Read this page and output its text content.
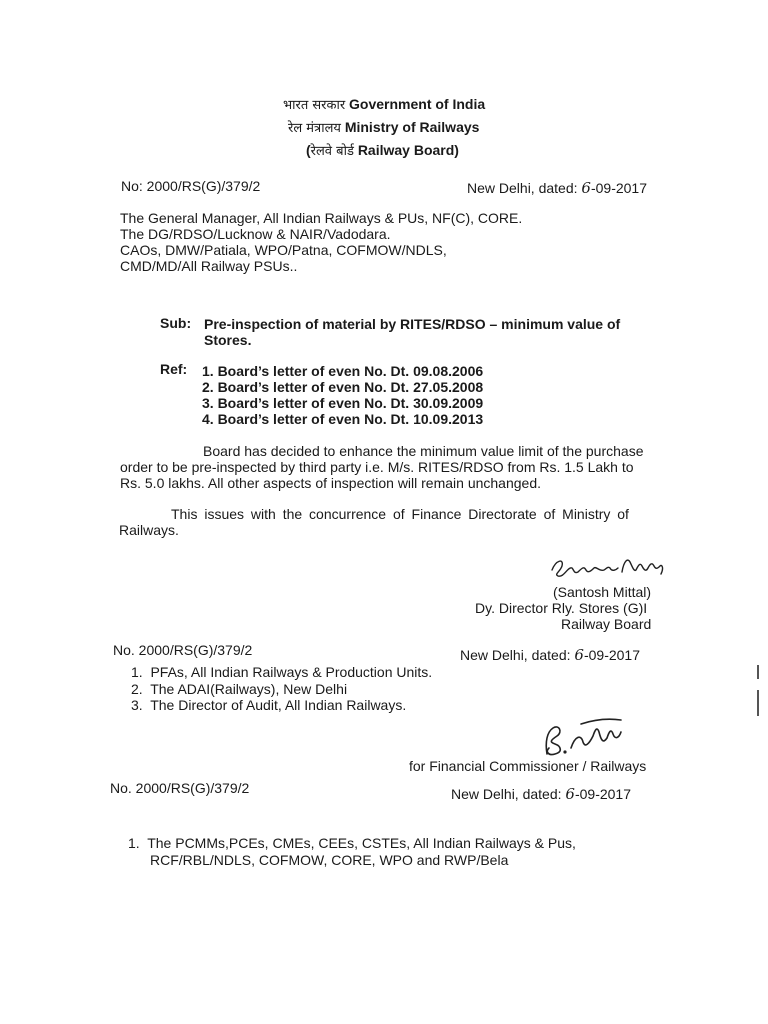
भारत सरकार Government of India
रेल मंत्रालय Ministry of Railways
(रेलवे बोर्ड Railway Board)
No: 2000/RS(G)/379/2	New Delhi, dated: 6-09-2017
The General Manager, All Indian Railways & PUs, NF(C), CORE.
The DG/RDSO/Lucknow & NAIR/Vadodara.
CAOs, DMW/Patiala, WPO/Patna, COFMOW/NDLS,
CMD/MD/All Railway PSUs..
Sub: Pre-inspection of material by RITES/RDSO – minimum value of
Stores.
Ref: 1. Board’s letter of even No. Dt. 09.08.2006
2. Board’s letter of even No. Dt. 27.05.2008
3. Board’s letter of even No. Dt. 30.09.2009
4. Board’s letter of even No. Dt. 10.09.2013
Board has decided to enhance the minimum value limit of the purchase
order to be pre-inspected by third party i.e. M/s. RITES/RDSO from Rs. 1.5 Lakh to
Rs. 5.0 lakhs. All other aspects of inspection will remain unchanged.
This issues with the concurrence of Finance Directorate of Ministry of
Railways.
(Santosh Mittal)
Dy. Director Rly. Stores (G)I
Railway Board
No. 2000/RS(G)/379/2	New Delhi, dated: 6-09-2017
1. PFAs, All Indian Railways & Production Units.
2. The ADAI(Railways), New Delhi
3. The Director of Audit, All Indian Railways.
for Financial Commissioner / Railways
No. 2000/RS(G)/379/2	New Delhi, dated: 6-09-2017
1. The PCMMs,PCEs, CMEs, CEEs, CSTEs, All Indian Railways & Pus,
RCF/RBL/NDLS, COFMOW, CORE, WPO and RWP/Bela
